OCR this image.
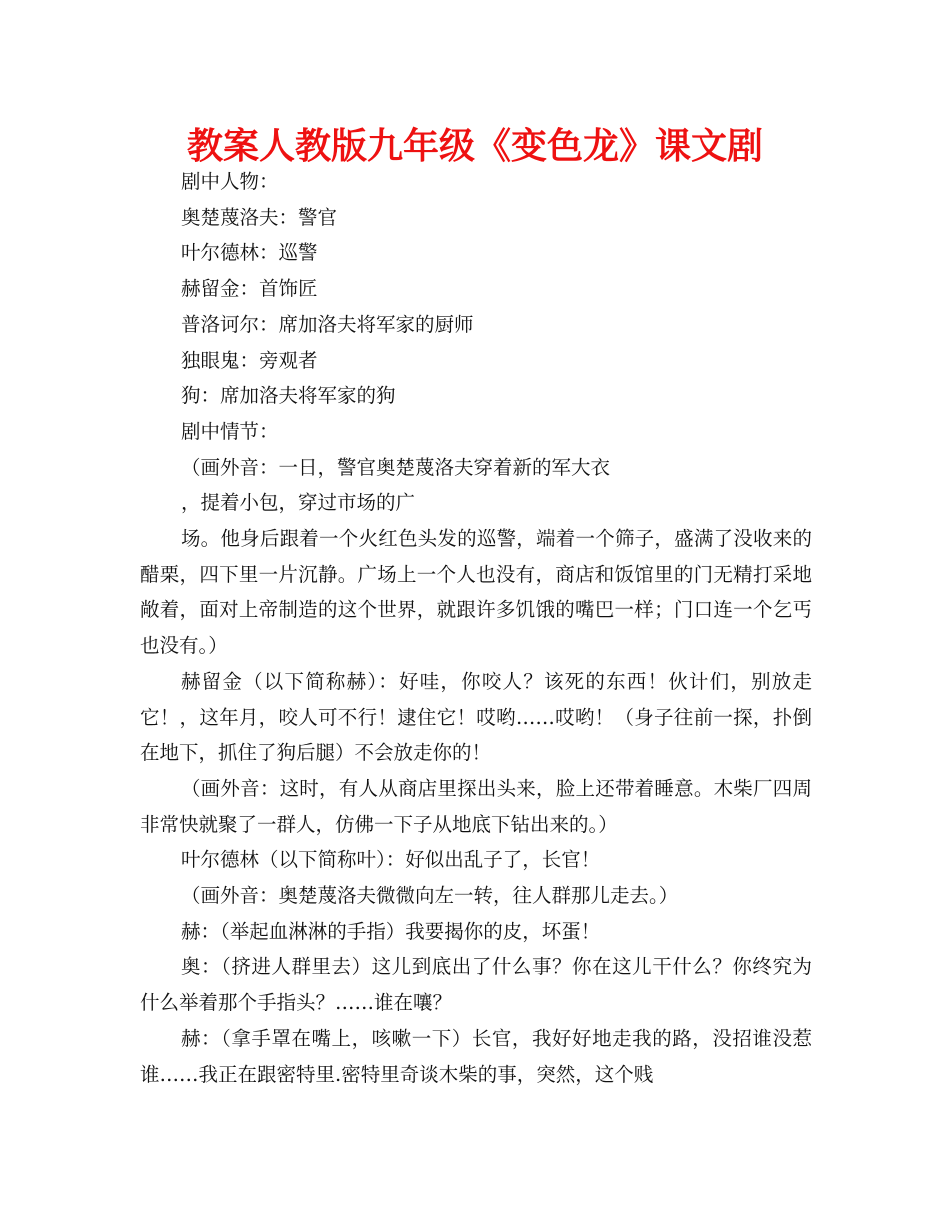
教案人教版九年级《变色龙》课文剧

剧中人物：

奥楚蔑洛夫：警官

叶尔德林：巡警

赫留金：首饰匠

普洛诃尔：席加洛夫将军家的厨师

独眼鬼：旁观者

狗：席加洛夫将军家的狗

剧中情节：

（画外音：一日，警官奥楚蔑洛夫穿着新的军大衣

，提着小包，穿过市场的广

场。他身后跟着一个火红色头发的巡警，端着一个筛子，盛满了没收来的醋栗，四下里一片沉静。广场上一个人也没有，商店和饭馆里的门无精打采地敞着，面对上帝制造的这个世界，就跟许多饥饿的嘴巴一样；门口连一个乞丐也没有。）

赫留金（以下简称赫）：好哇，你咬人？该死的东西！伙计们，别放走它！，这年月，咬人可不行！逮住它！哎哟……哎哟！（身子往前一探，扑倒在地下，抓住了狗后腿）不会放走你的！

（画外音：这时，有人从商店里探出头来，脸上还带着睡意。木柴厂四周非常快就聚了一群人，仿佛一下子从地底下钻出来的。）

叶尔德林（以下简称叶）：好似出乱子了，长官！

（画外音：奥楚蔑洛夫微微向左一转，往人群那儿走去。）

赫：（举起血淋淋的手指）我要揭你的皮，坏蛋！

奥：（挤进人群里去）这儿到底出了什么事？你在这儿干什么？你终究为什么举着那个手指头？……谁在嚷？

赫：（拿手罩在嘴上，咳嗽一下）长官，我好好地走我的路，没招谁没惹谁……我正在跟密特里.密特里奇谈木柴的事，突然，这个贱
